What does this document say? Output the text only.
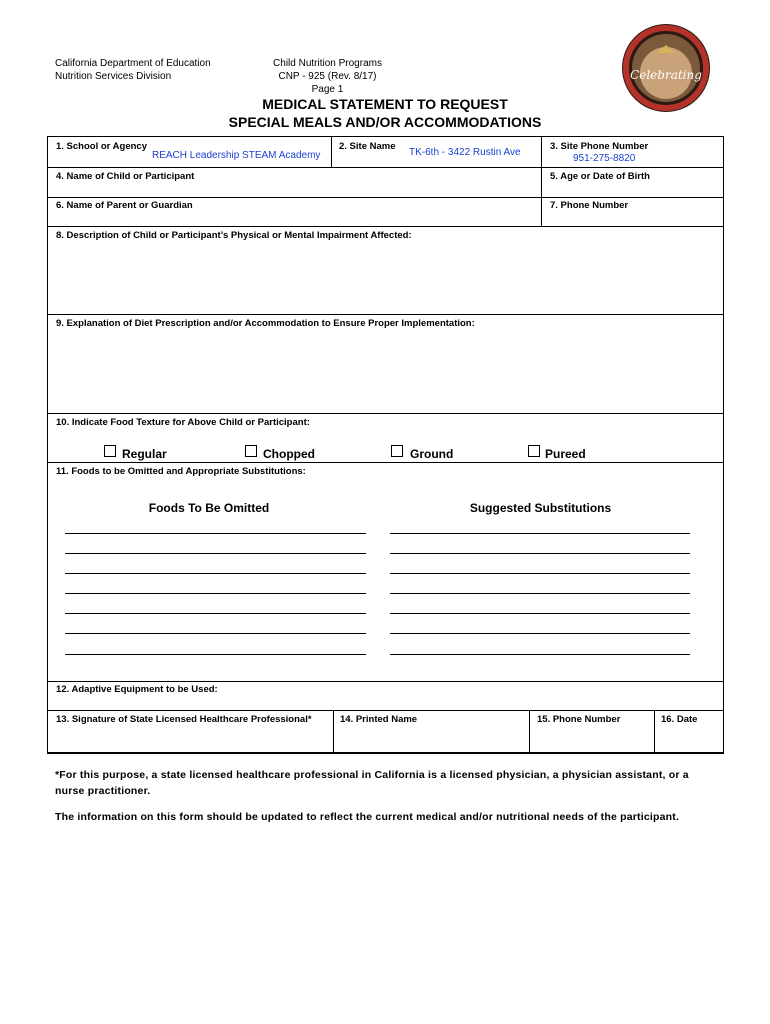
California Department of Education
Nutrition Services Division
Child Nutrition Programs
CNP - 925 (Rev. 8/17)
Page 1
Celebrating
MEDICAL STATEMENT TO REQUEST
SPECIAL MEALS AND/OR ACCOMMODATIONS
1. School or Agency
REACH Leadership STEAM Academy
2. Site Name
TK-6th - 3422 Rustin Ave
3. Site Phone Number
951-275-8820
4. Name of Child or Participant	5. Age or Date of Birth
6. Name of Parent or Guardian	7. Phone Number
8. Description of Child or Participant’s Physical or Mental Impairment Affected:
9. Explanation of Diet Prescription and/or Accommodation to Ensure Proper Implementation:
10. Indicate Food Texture for Above Child or Participant:
Regular	Chopped	Ground	Pureed
11. Foods to be Omitted and Appropriate Substitutions:
Foods To Be Omitted	Suggested Substitutions
12. Adaptive Equipment to be Used:
13. Signature of State Licensed Healthcare Professional*	14. Printed Name	15. Phone Number	16. Date
*For this purpose, a state licensed healthcare professional in California is a licensed physician, a physician assistant, or a nurse practitioner.
The information on this form should be updated to reflect the current medical and/or nutritional needs of the participant.
